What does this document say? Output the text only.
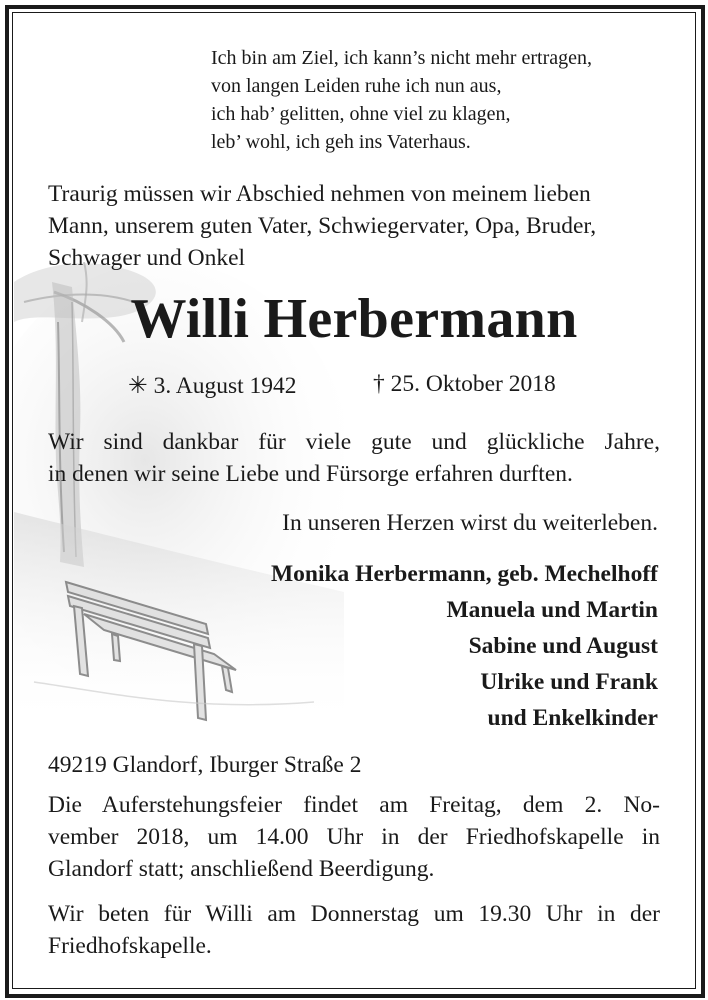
Ich bin am Ziel, ich kann’s nicht mehr ertragen,
von langen Leiden ruhe ich nun aus,
ich hab’ gelitten, ohne viel zu klagen,
leb’ wohl, ich geh ins Vaterhaus.
Traurig müssen wir Abschied nehmen von meinem lieben
Mann, unserem guten Vater, Schwiegervater, Opa, Bruder,
Schwager und Onkel
Willi Herbermann
✳ 3. August 1942	† 25. Oktober 2018
Wir sind dankbar für viele gute und glückliche Jahre,
in denen wir seine Liebe und Fürsorge erfahren durften.
In unseren Herzen wirst du weiterleben.
Monika Herbermann, geb. Mechelhoff
Manuela und Martin
Sabine und August
Ulrike und Frank
und Enkelkinder
49219 Glandorf, Iburger Straße 2
Die Auferstehungsfeier findet am Freitag, dem 2. No-
vember 2018, um 14.00 Uhr in der Friedhofskapelle in
Glandorf statt; anschließend Beerdigung.
Wir beten für Willi am Donnerstag um 19.30 Uhr in der
Friedhofskapelle.
